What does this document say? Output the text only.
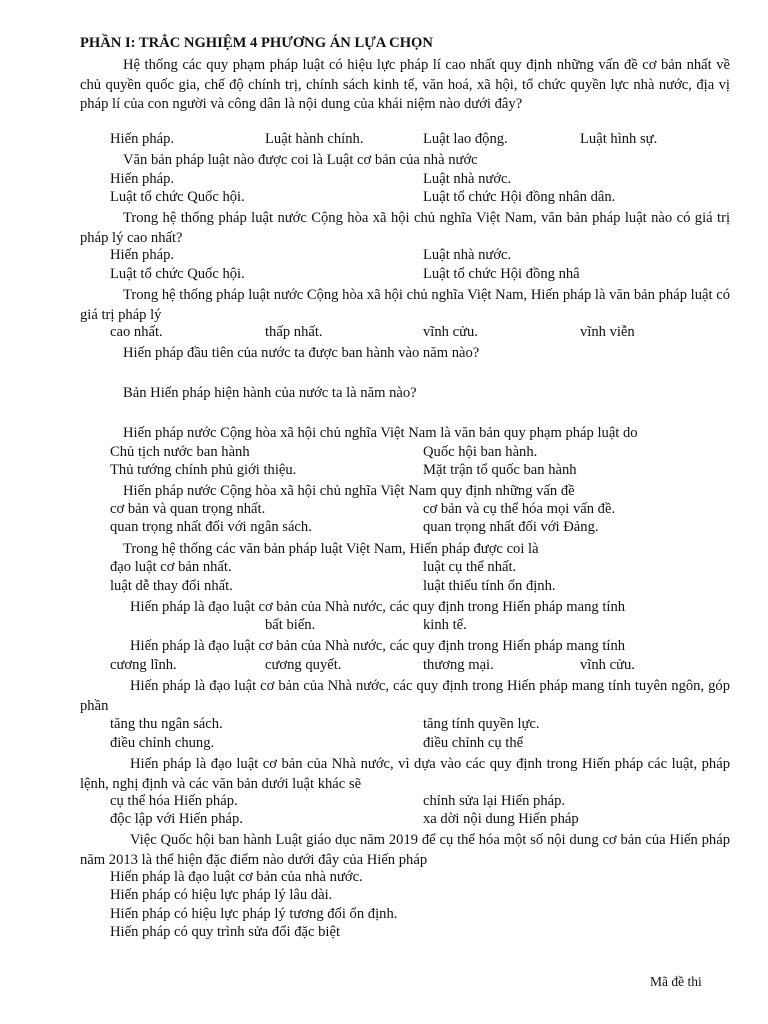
PHẦN I: TRẮC NGHIỆM 4 PHƯƠNG ÁN LỰA CHỌN
Hệ thống các quy phạm pháp luật có hiệu lực pháp lí cao nhất quy định những vấn đề cơ bản nhất về chủ quyền quốc gia, chế độ chính trị, chính sách kinh tế, văn hoá, xã hội, tổ chức quyền lực nhà nước, địa vị pháp lí của con người và công dân là nội dung của khái niệm nào dưới đây?
Hiến pháp.	Luật hành chính.	Luật lao động.	Luật hình sự.
Văn bản pháp luật nào được coi là Luật cơ bản của nhà nước
Hiến pháp.	Luật nhà nước.
Luật tổ chức Quốc hội.	Luật tổ chức Hội đồng nhân dân.
Trong hệ thống pháp luật nước Cộng hòa xã hội chủ nghĩa Việt Nam, văn bản pháp luật nào có giá trị pháp lý cao nhất?
Hiến pháp.	Luật nhà nước.
Luật tổ chức Quốc hội.	Luật tổ chức Hội đồng nhâ
Trong hệ thống pháp luật nước Cộng hòa xã hội chủ nghĩa Việt Nam, Hiến pháp là văn bản pháp luật có giá trị pháp lý
cao nhất.	thấp nhất.	vĩnh cửu.	vĩnh viễn
Hiến pháp đầu tiên của nước ta được ban hành vào năm nào?
Bản Hiến pháp hiện hành của nước ta là năm nào?
Hiến pháp nước Cộng hòa xã hội chủ nghĩa Việt Nam là văn bản quy phạm pháp luật do
Chủ tịch nước ban hành	Quốc hội ban hành.
Thủ tướng chính phủ giới thiệu.	Mặt trận tổ quốc ban hành
Hiến pháp nước Cộng hòa xã hội chủ nghĩa Việt Nam quy định những vấn đề
cơ bản và quan trọng nhất.	cơ bản và cụ thể hóa mọi vấn đề.
quan trọng nhất đối với ngân sách.	quan trọng nhất đối với Đảng.
Trong hệ thống các văn bản pháp luật Việt Nam, Hiến pháp được coi là
đạo luật cơ bản nhất.	luật cụ thể nhất.
luật dễ thay đổi nhất.	luật thiếu tính ổn định.
Hiến pháp là đạo luật cơ bản của Nhà nước, các quy định trong Hiến pháp mang tính
bất biến.	kinh tế.
Hiến pháp là đạo luật cơ bản của Nhà nước, các quy định trong Hiến pháp mang tính
cương lĩnh.	cương quyết.	thương mại.	vĩnh cửu.
Hiến pháp là đạo luật cơ bản của Nhà nước, các quy định trong Hiến pháp mang tính tuyên ngôn, góp phần
tăng thu ngân sách.	tăng tính quyền lực.
điều chỉnh chung.	điều chỉnh cụ thể
Hiến pháp là đạo luật cơ bản của Nhà nước, vì dựa vào các quy định trong Hiến pháp các luật, pháp lệnh, nghị định và các văn bản dưới luật khác sẽ
cụ thể hóa Hiến pháp.	chỉnh sửa lại Hiến pháp.
độc lập với Hiến pháp.	xa dời nội dung Hiến pháp
Việc Quốc hội ban hành Luật giáo dục năm 2019 để cụ thể hóa một số nội dung cơ bản của Hiến pháp năm 2013 là thể hiện đặc điểm nào dưới đây của Hiến pháp
Hiến pháp là đạo luật cơ bản của nhà nước.
Hiến pháp có hiệu lực pháp lý lâu dài.
Hiến pháp có hiệu lực pháp lý tương đối ổn định.
Hiến pháp có quy trình sửa đổi đặc biệt
Mã đề thi
